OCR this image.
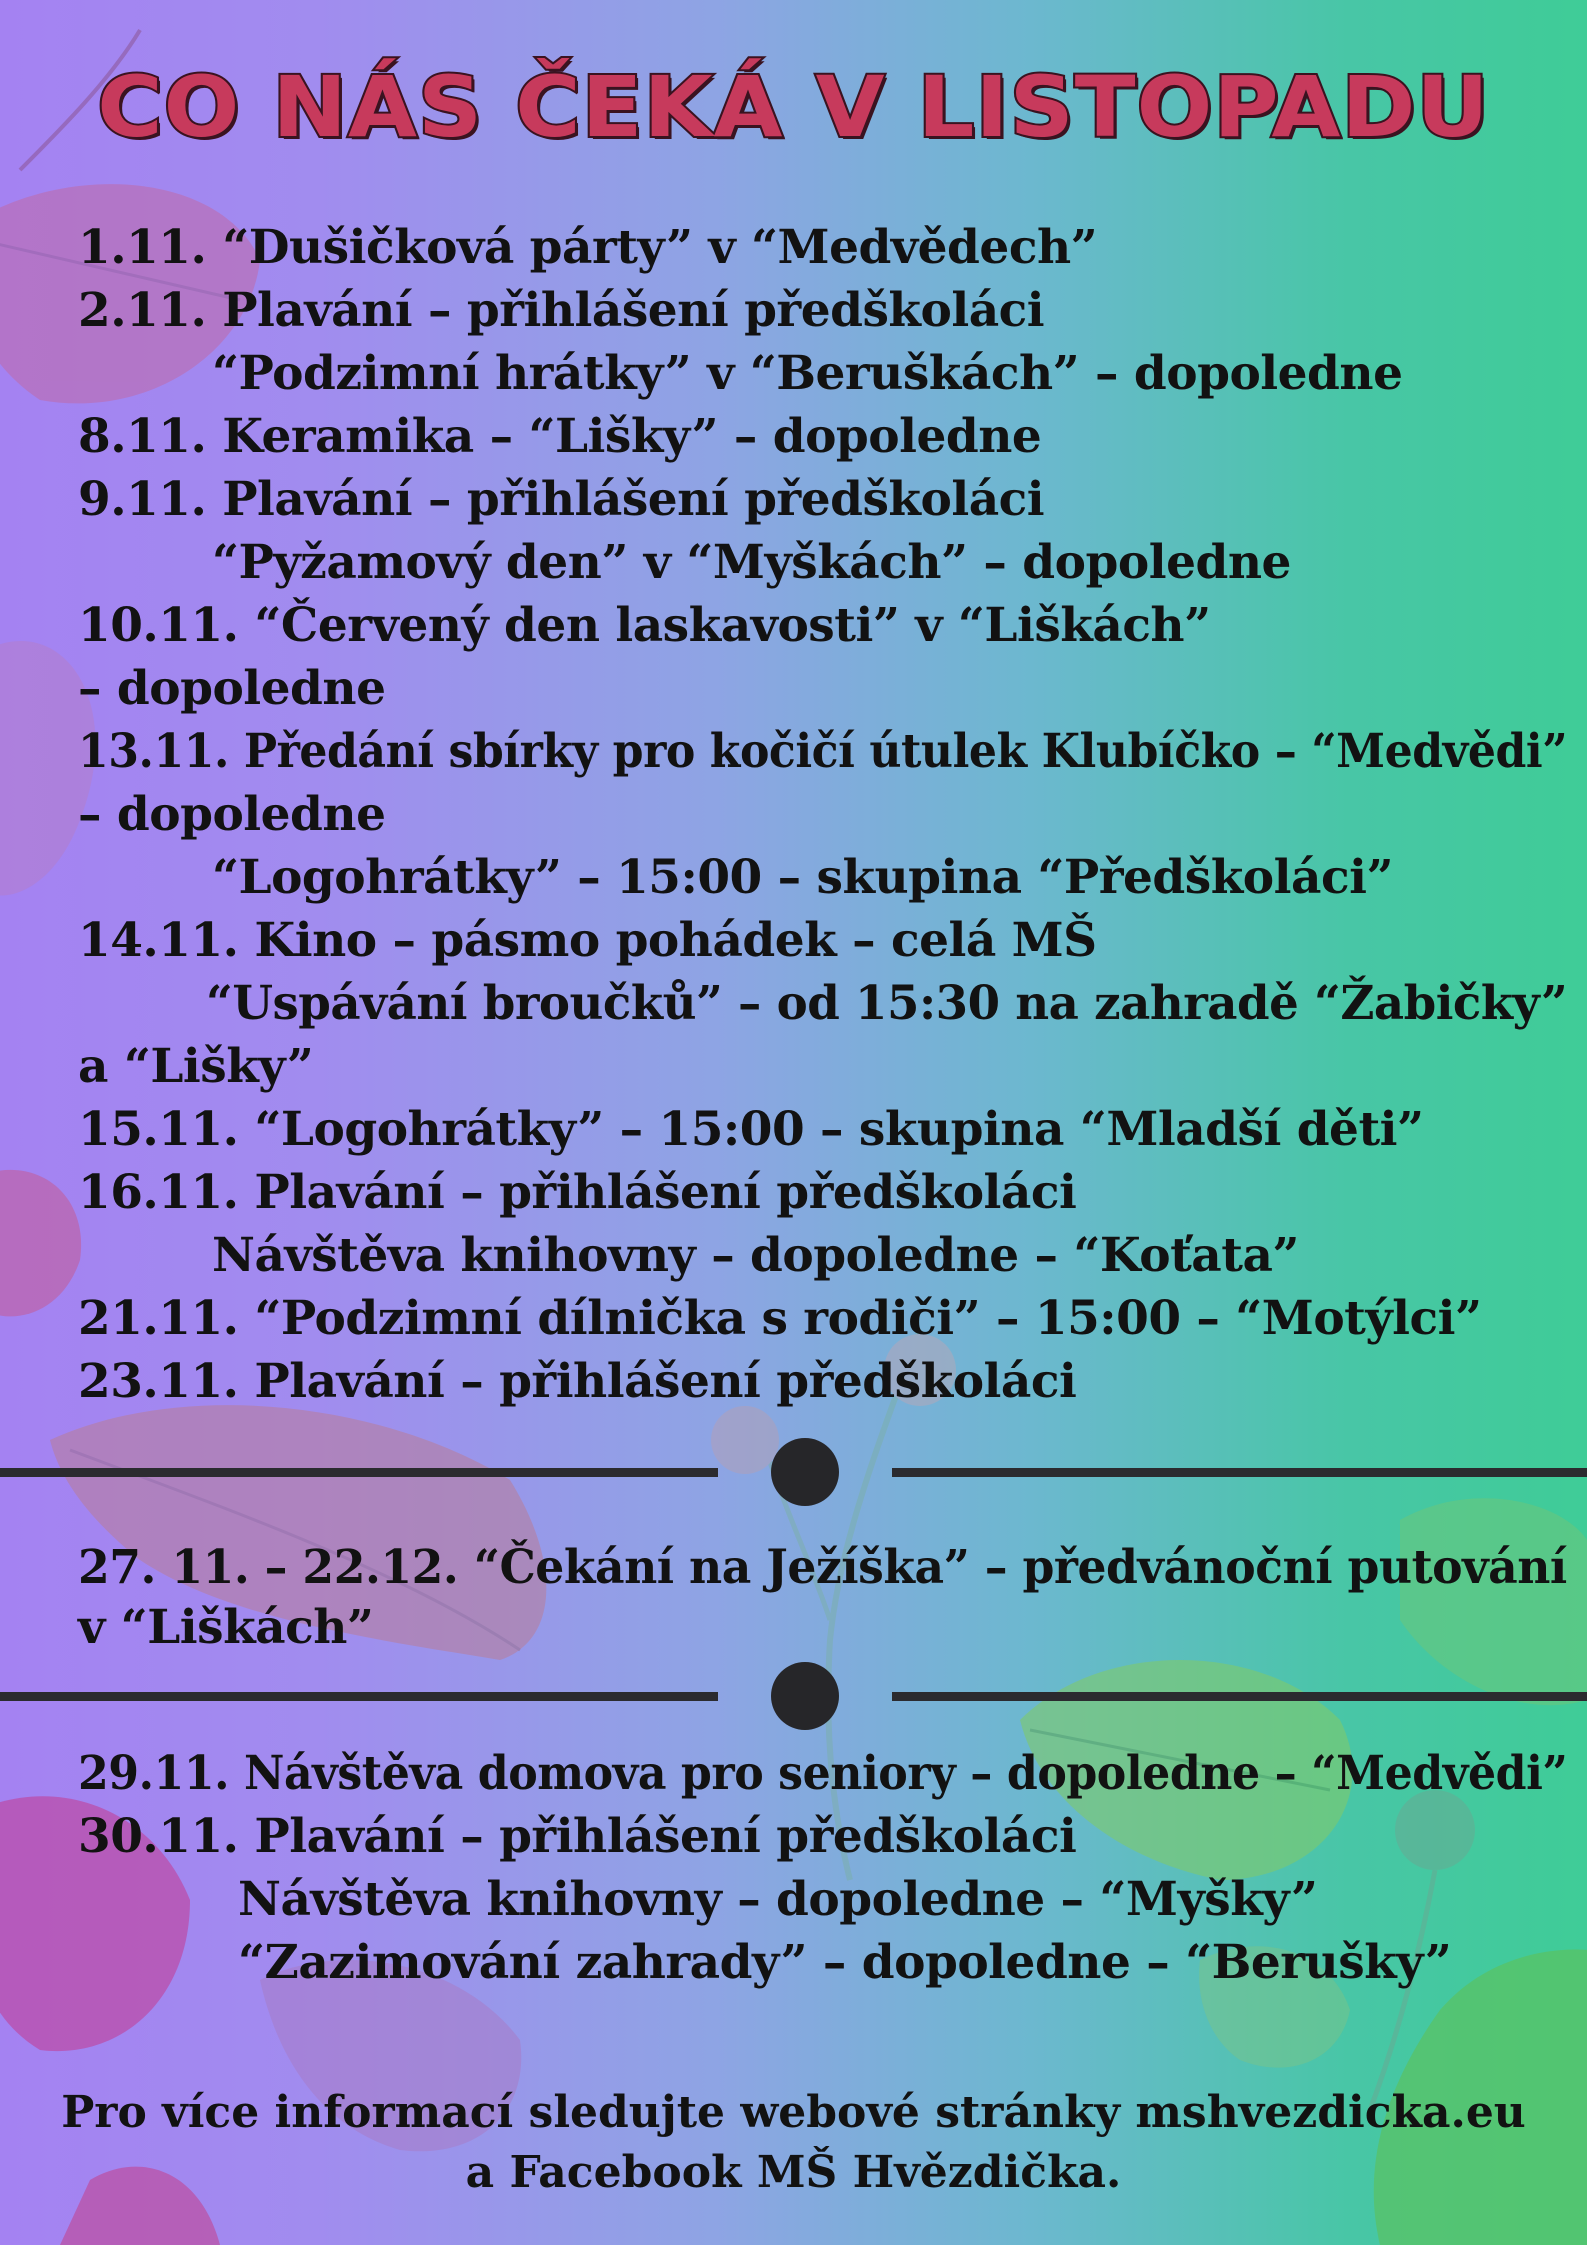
CO NÁS ČEKÁ V LISTOPADU

1.11. “Dušičková párty” v “Medvědech”

2.11. Plavání – přihlášení předškoláci

“Podzimní hrátky” v “Beruškách” – dopoledne

8.11. Keramika – “Lišky” – dopoledne

9.11. Plavání – přihlášení předškoláci

“Pyžamový den” v “Myškách” – dopoledne

10.11. “Červený den laskavosti” v “Liškách”

– dopoledne

13.11. Předání sbírky pro kočičí útulek Klubíčko – “Medvědi”

– dopoledne

“Logohrátky” – 15:00 – skupina “Předškoláci”

14.11. Kino – pásmo pohádek – celá MŠ

“Uspávání broučků” – od 15:30 na zahradě “Žabičky”

a “Lišky”

15.11. “Logohrátky” – 15:00 – skupina “Mladší děti”

16.11. Plavání – přihlášení předškoláci

Návštěva knihovny – dopoledne – “Koťata”

21.11. “Podzimní dílnička s rodiči” – 15:00 – “Motýlci”

23.11. Plavání – přihlášení předškoláci

27. 11. – 22.12. “Čekání na Ježíška” – předvánoční putování

v “Liškách”

29.11. Návštěva domova pro seniory – dopoledne – “Medvědi”

30.11. Plavání – přihlášení předškoláci

Návštěva knihovny – dopoledne – “Myšky”

“Zazimování zahrady” – dopoledne – “Berušky”

Pro více informací sledujte webové stránky mshvezdicka.eu

a Facebook MŠ Hvězdička.
